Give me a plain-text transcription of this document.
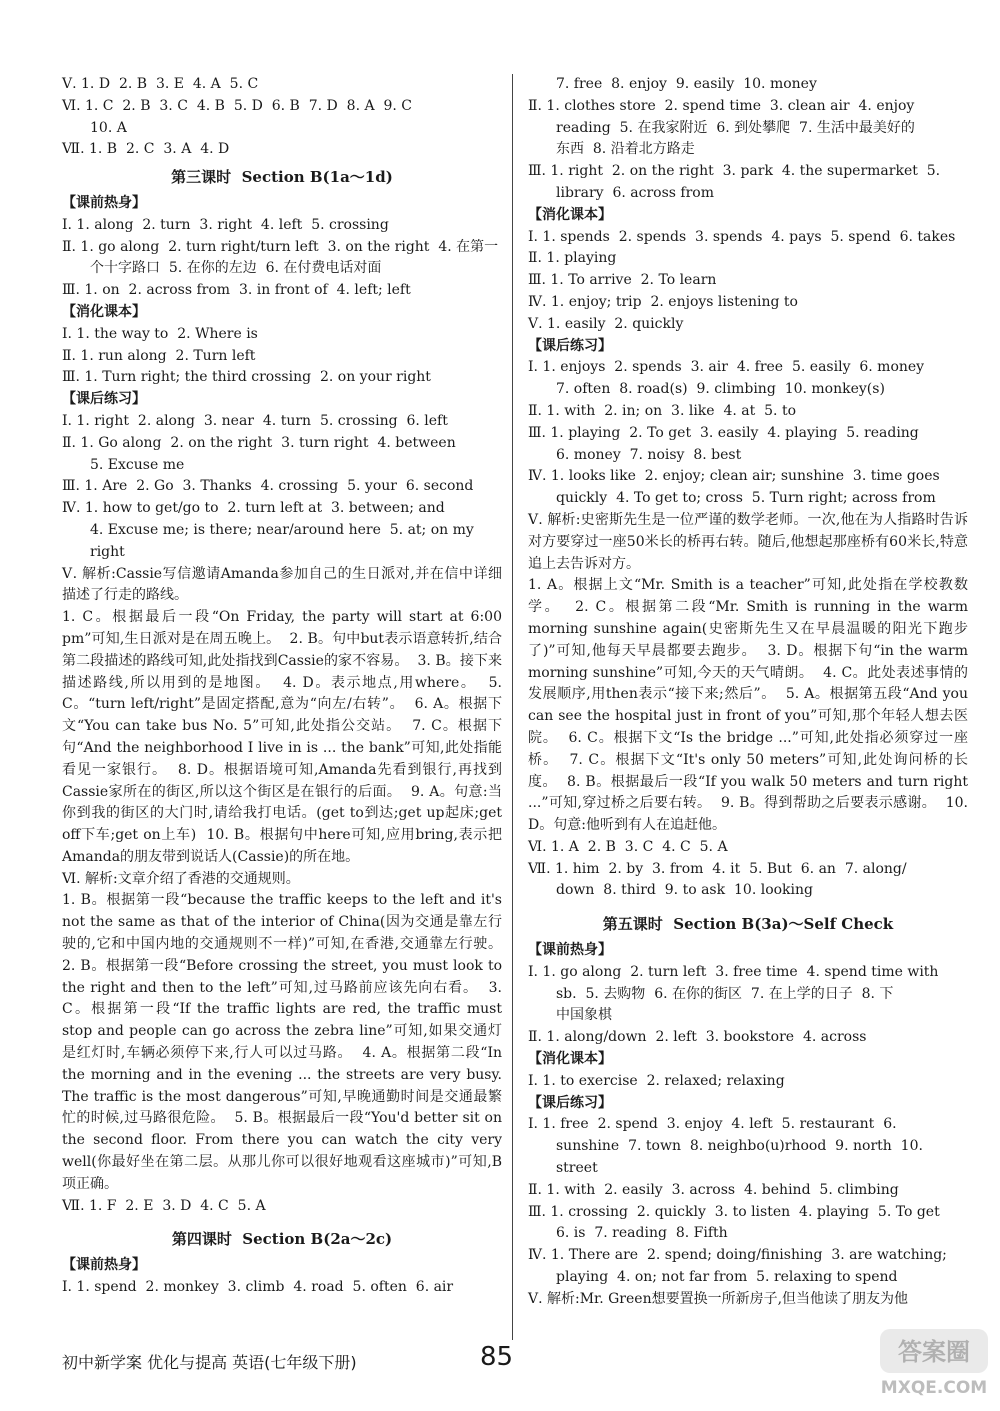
Ⅴ. 1. D  2. B  3. E  4. A  5. C
Ⅵ. 1. C  2. B  3. C  4. B  5. D  6. B  7. D  8. A  9. C
10. A
Ⅶ. 1. B  2. C  3. A  4. D
第三课时  Section B(1a～1d)
【课前热身】
Ⅰ. 1. along  2. turn  3. right  4. left  5. crossing
Ⅱ. 1. go along  2. turn right/turn left  3. on the right  4. 在第一
个十字路口  5. 在你的左边  6. 在付费电话对面
Ⅲ. 1. on  2. across from  3. in front of  4. left; left
【消化课本】
Ⅰ. 1. the way to  2. Where is
Ⅱ. 1. run along  2. Turn left
Ⅲ. 1. Turn right; the third crossing  2. on your right
【课后练习】
Ⅰ. 1. right  2. along  3. near  4. turn  5. crossing  6. left
Ⅱ. 1. Go along  2. on the right  3. turn right  4. between
5. Excuse me
Ⅲ. 1. Are  2. Go  3. Thanks  4. crossing  5. your  6. second
Ⅳ. 1. how to get/go to  2. turn left at  3. between; and
4. Excuse me; is there; near/around here  5. at; on my right
Ⅴ. 解析:Cassie写信邀请Amanda参加自己的生日派对,并在信中详细描述了行走的路线。
1. C。根据最后一段“On Friday, the party will start at 6:00 pm”可知,生日派对是在周五晚上。  2. B。句中but表示语意转折,结合第二段描述的路线可知,此处指找到Cassie的家不容易。  3. B。接下来描述路线,所以用到的是地图。  4. D。表示地点,用where。  5. C。“turn left/right”是固定搭配,意为“向左/右转”。  6. A。根据下文“You can take bus No. 5”可知,此处指公交站。  7. C。根据下句“And the neighborhood I live in is ... the bank”可知,此处指能看见一家银行。  8. D。根据语境可知,Amanda先看到银行,再找到Cassie家所在的街区,所以这个街区是在银行的后面。  9. A。句意:当你到我的街区的大门时,请给我打电话。(get to到达;get up起床;get off下车;get on上车)  10. B。根据句中here可知,应用bring,表示把Amanda的朋友带到说话人(Cassie)的所在地。
Ⅵ. 解析:文章介绍了香港的交通规则。
1. B。根据第一段“because the traffic keeps to the left and it's not the same as that of the interior of China(因为交通是靠左行驶的,它和中国内地的交通规则不一样)”可知,在香港,交通靠左行驶。  2. B。根据第一段“Before crossing the street, you must look to the right and then to the left”可知,过马路前应该先向右看。  3. C。根据第一段“If the traffic lights are red, the traffic must stop and people can go across the zebra line”可知,如果交通灯是红灯时,车辆必须停下来,行人可以过马路。  4. A。根据第二段“In the morning and in the evening ... the streets are very busy. The traffic is the most dangerous”可知,早晚通勤时间是交通最繁忙的时候,过马路很危险。  5. B。根据最后一段“You'd better sit on the second floor. From there you can watch the city very well(你最好坐在第二层。从那儿你可以很好地观看这座城市)”可知,B项正确。
Ⅶ. 1. F  2. E  3. D  4. C  5. A
第四课时  Section B(2a～2c)
【课前热身】
Ⅰ. 1. spend  2. monkey  3. climb  4. road  5. often  6. air
7. free  8. enjoy  9. easily  10. money
Ⅱ. 1. clothes store  2. spend time  3. clean air  4. enjoy
reading  5. 在我家附近  6. 到处攀爬  7. 生活中最美好的
东西  8. 沿着北方路走
Ⅲ. 1. right  2. on the right  3. park  4. the supermarket  5.
library  6. across from
【消化课本】
Ⅰ. 1. spends  2. spends  3. spends  4. pays  5. spend  6. takes
Ⅱ. 1. playing
Ⅲ. 1. To arrive  2. To learn
Ⅳ. 1. enjoy; trip  2. enjoys listening to
Ⅴ. 1. easily  2. quickly
【课后练习】
Ⅰ. 1. enjoys  2. spends  3. air  4. free  5. easily  6. money
7. often  8. road(s)  9. climbing  10. monkey(s)
Ⅱ. 1. with  2. in; on  3. like  4. at  5. to
Ⅲ. 1. playing  2. To get  3. easily  4. playing  5. reading
6. money  7. noisy  8. best
Ⅳ. 1. looks like  2. enjoy; clean air; sunshine  3. time goes
quickly  4. To get to; cross  5. Turn right; across from
Ⅴ. 解析:史密斯先生是一位严谨的数学老师。一次,他在为人指路时告诉对方要穿过一座50米长的桥再右转。随后,他想起那座桥有60米长,特意追上去告诉对方。
1. A。根据上文“Mr. Smith is a teacher”可知,此处指在学校教数学。  2. C。根据第二段“Mr. Smith is running in the warm morning sunshine again(史密斯先生又在早晨温暖的阳光下跑步了)”可知,他每天早晨都要去跑步。  3. D。根据下句“in the warm morning sunshine”可知,今天的天气晴朗。  4. C。此处表述事情的发展顺序,用then表示“接下来;然后”。  5. A。根据第五段“And you can see the hospital just in front of you”可知,那个年轻人想去医院。  6. C。根据下文“Is the bridge ...”可知,此处指必须穿过一座桥。  7. C。根据下文“It's only 50 meters”可知,此处询问桥的长度。  8. B。根据最后一段“If you walk 50 meters and turn right ...”可知,穿过桥之后要右转。  9. B。得到帮助之后要表示感谢。  10. D。句意:他听到有人在追赶他。
Ⅵ. 1. A  2. B  3. C  4. C  5. A
Ⅶ. 1. him  2. by  3. from  4. it  5. But  6. an  7. along/
down  8. third  9. to ask  10. looking
第五课时  Section B(3a)～Self Check
【课前热身】
Ⅰ. 1. go along  2. turn left  3. free time  4. spend time with
sb.  5. 去购物  6. 在你的街区  7. 在上学的日子  8. 下
中国象棋
Ⅱ. 1. along/down  2. left  3. bookstore  4. across
【消化课本】
Ⅰ. 1. to exercise  2. relaxed; relaxing
【课后练习】
Ⅰ. 1. free  2. spend  3. enjoy  4. left  5. restaurant  6.
sunshine  7. town  8. neighbo(u)rhood  9. north  10.
street
Ⅱ. 1. with  2. easily  3. across  4. behind  5. climbing
Ⅲ. 1. crossing  2. quickly  3. to listen  4. playing  5. To get
6. is  7. reading  8. Fifth
Ⅳ. 1. There are  2. spend; doing/finishing  3. are watching;
playing  4. on; not far from  5. relaxing to spend
Ⅴ. 解析:Mr. Green想要置换一所新房子,但当他读了朋友为他
初中新学案 优化与提高 英语(七年级下册)	85	答案圈
MXQE.COM
